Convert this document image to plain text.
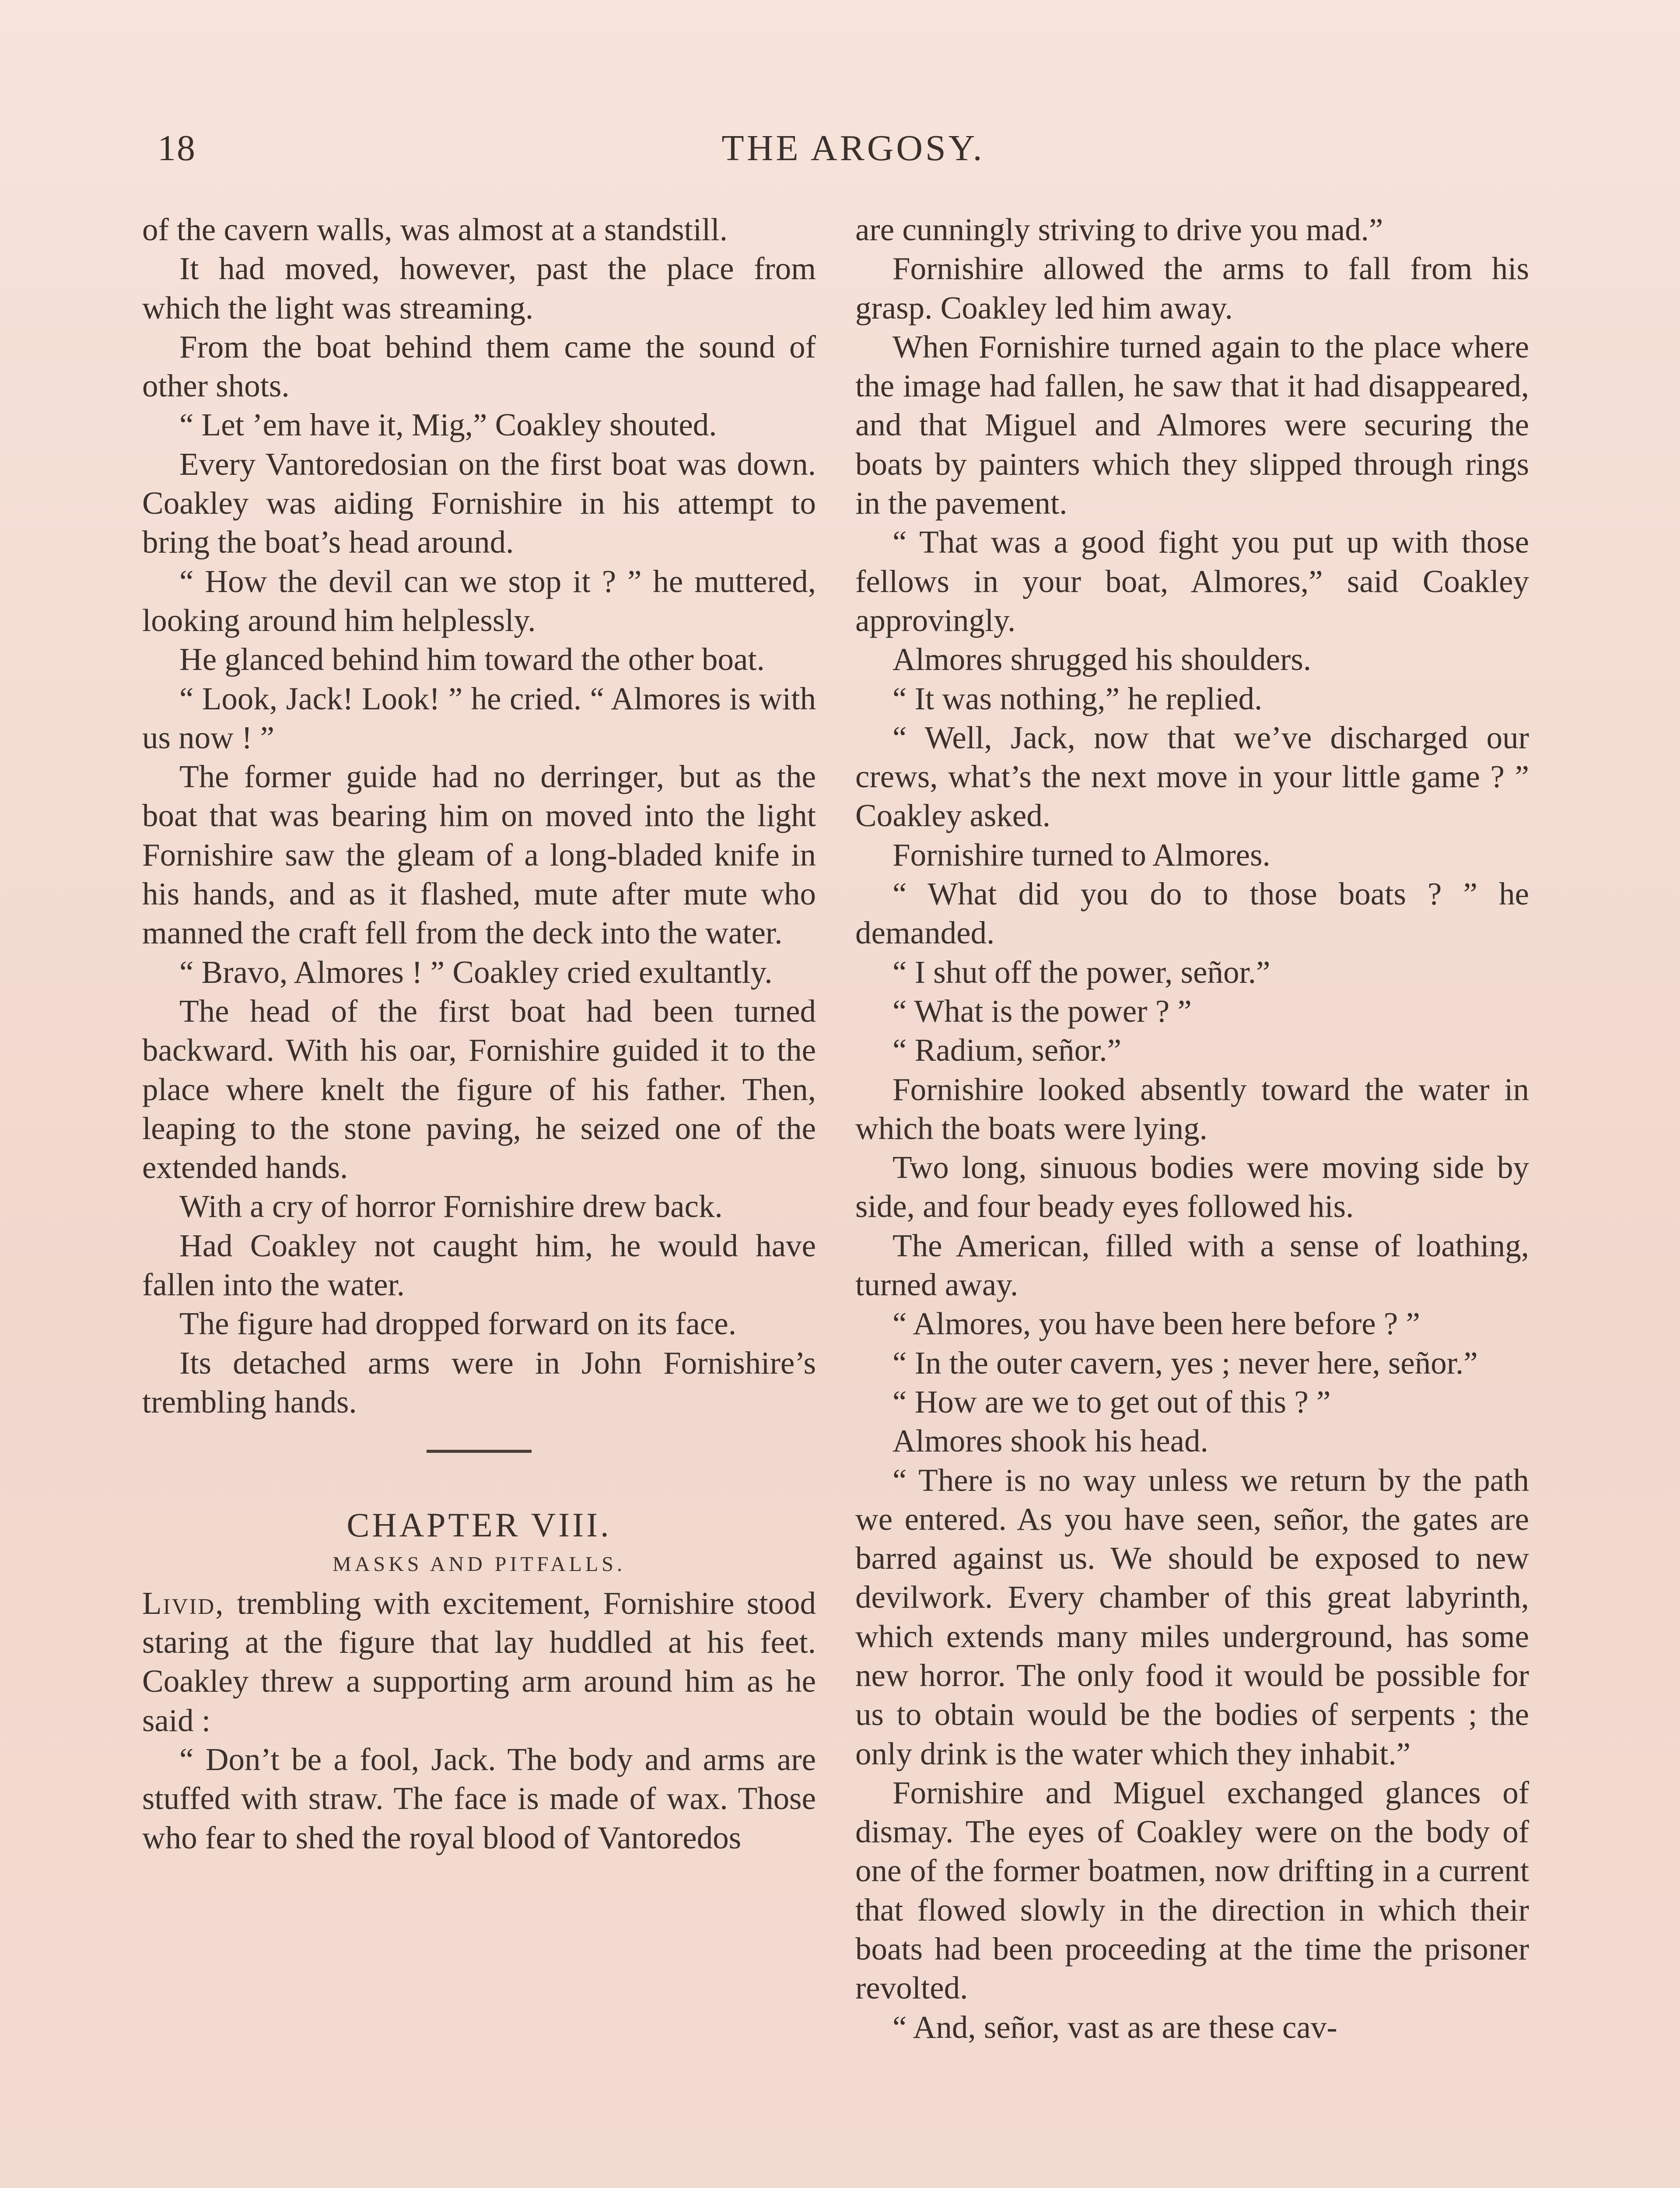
18	THE ARGOSY.

of the cavern walls, was almost at a standstill.

It had moved, however, past the place from which the light was streaming.

From the boat behind them came the sound of other shots.

“ Let ’em have it, Mig,” Coakley shouted.

Every Vantoredosian on the first boat was down. Coakley was aiding Fornishire in his attempt to bring the boat’s head around.

“ How the devil can we stop it ? ” he muttered, looking around him helplessly.

He glanced behind him toward the other boat.

“ Look, Jack! Look! ” he cried. “ Almores is with us now ! ”

The former guide had no derringer, but as the boat that was bearing him on moved into the light Fornishire saw the gleam of a long-bladed knife in his hands, and as it flashed, mute after mute who manned the craft fell from the deck into the water.

“ Bravo, Almores ! ” Coakley cried exultantly.

The head of the first boat had been turned backward. With his oar, Fornishire guided it to the place where knelt the figure of his father. Then, leaping to the stone paving, he seized one of the extended hands.

With a cry of horror Fornishire drew back.

Had Coakley not caught him, he would have fallen into the water.

The figure had dropped forward on its face.

Its detached arms were in John Fornishire’s trembling hands.

CHAPTER VIII.

MASKS AND PITFALLS.

Livid, trembling with excitement, Fornishire stood staring at the figure that lay huddled at his feet. Coakley threw a supporting arm around him as he said :

“ Don’t be a fool, Jack. The body and arms are stuffed with straw. The face is made of wax. Those who fear to shed the royal blood of Vantoredos

are cunningly striving to drive you mad.”

Fornishire allowed the arms to fall from his grasp. Coakley led him away.

When Fornishire turned again to the place where the image had fallen, he saw that it had disappeared, and that Miguel and Almores were securing the boats by painters which they slipped through rings in the pavement.

“ That was a good fight you put up with those fellows in your boat, Almores,” said Coakley approvingly.

Almores shrugged his shoulders.

“ It was nothing,” he replied.

“ Well, Jack, now that we’ve discharged our crews, what’s the next move in your little game ? ” Coakley asked.

Fornishire turned to Almores.

“ What did you do to those boats ? ” he demanded.

“ I shut off the power, señor.”

“ What is the power ? ”

“ Radium, señor.”

Fornishire looked absently toward the water in which the boats were lying.

Two long, sinuous bodies were moving side by side, and four beady eyes followed his.

The American, filled with a sense of loathing, turned away.

“ Almores, you have been here before ? ”

“ In the outer cavern, yes ; never here, señor.”

“ How are we to get out of this ? ”

Almores shook his head.

“ There is no way unless we return by the path we entered. As you have seen, señor, the gates are barred against us. We should be exposed to new devilwork. Every chamber of this great labyrinth, which extends many miles underground, has some new horror. The only food it would be possible for us to obtain would be the bodies of serpents ; the only drink is the water which they inhabit.”

Fornishire and Miguel exchanged glances of dismay. The eyes of Coakley were on the body of one of the former boatmen, now drifting in a current that flowed slowly in the direction in which their boats had been proceeding at the time the prisoner revolted.

“ And, señor, vast as are these cav-
